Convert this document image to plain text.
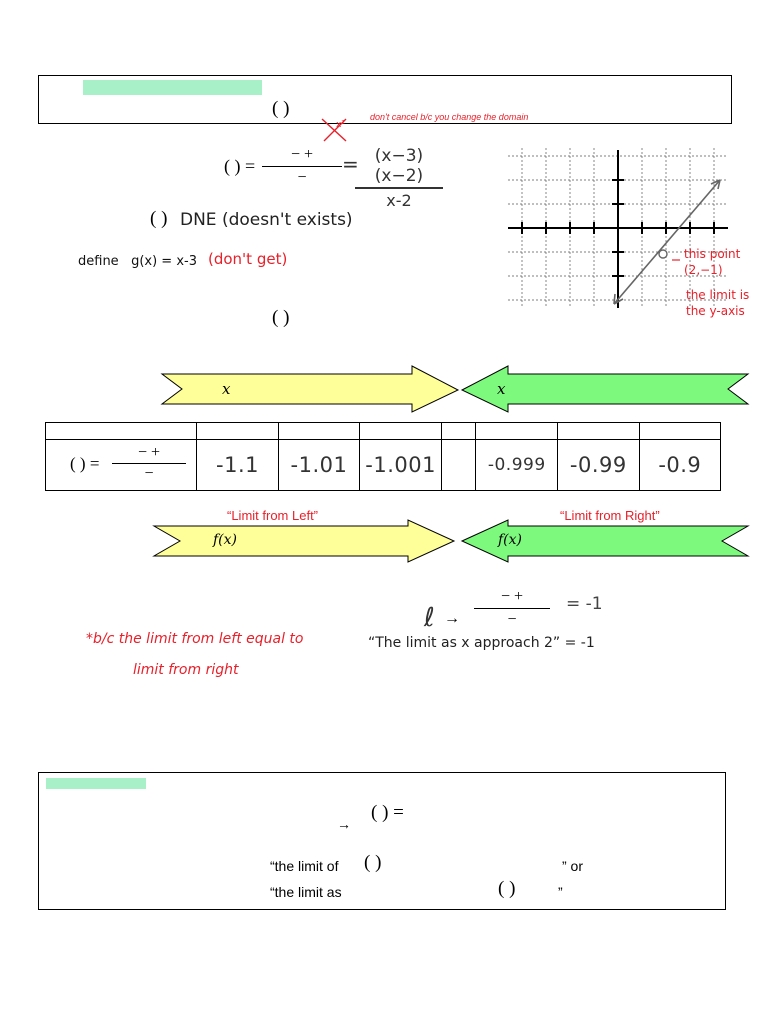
( )
x²
don't cancel b/c you change the domain
( ) =
− +
−
= (x−3)(x−2)
x-2
( ) DNE (doesn't exists)
define   g(x) = x-3 (don't get)
( )
this point (2,−1)
the limit is the y-axis
x	x

( ) =
− +
−	-1.1	-1.01	-1.001		-0.999	-0.99	-0.9
“Limit from Left”	“Limit from Right”
f(x)	f(x)
*b/c the limit from left equal to
limit from right
ℓ →
− +
−
= -1
“The limit as x approach 2” = -1
→
( ) =
“the limit of ( )	” or
“the limit as	( )	”
